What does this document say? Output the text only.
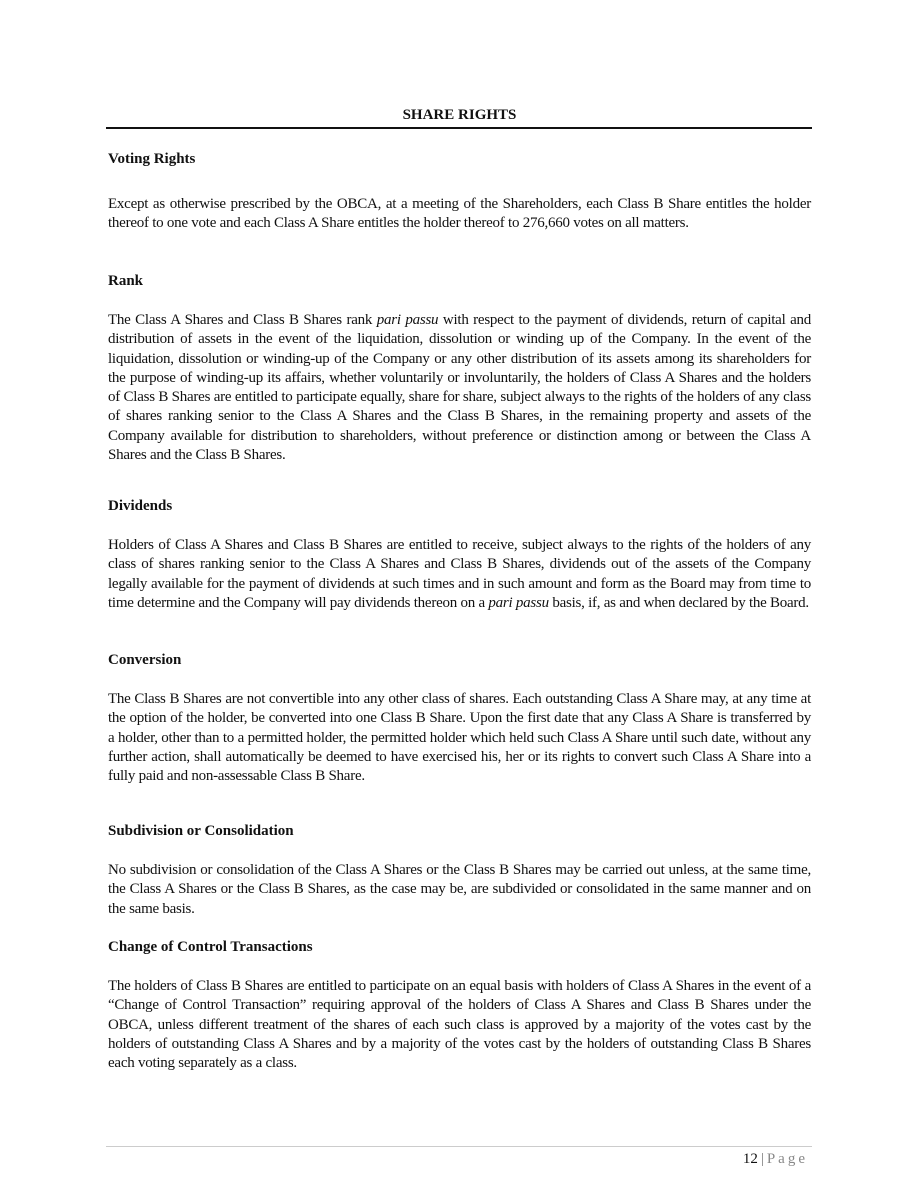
SHARE RIGHTS

Voting Rights

Except as otherwise prescribed by the OBCA, at a meeting of the Shareholders, each Class B Share entitles the holder thereof to one vote and each Class A Share entitles the holder thereof to 276,660 votes on all matters.

Rank

The Class A Shares and Class B Shares rank pari passu with respect to the payment of dividends, return of capital and distribution of assets in the event of the liquidation, dissolution or winding up of the Company. In the event of the liquidation, dissolution or winding-up of the Company or any other distribution of its assets among its shareholders for the purpose of winding-up its affairs, whether voluntarily or involuntarily, the holders of Class A Shares and the holders of Class B Shares are entitled to participate equally, share for share, subject always to the rights of the holders of any class of shares ranking senior to the Class A Shares and the Class B Shares, in the remaining property and assets of the Company available for distribution to shareholders, without preference or distinction among or between the Class A Shares and the Class B Shares.

Dividends

Holders of Class A Shares and Class B Shares are entitled to receive, subject always to the rights of the holders of any class of shares ranking senior to the Class A Shares and Class B Shares, dividends out of the assets of the Company legally available for the payment of dividends at such times and in such amount and form as the Board may from time to time determine and the Company will pay dividends thereon on a pari passu basis, if, as and when declared by the Board.

Conversion

The Class B Shares are not convertible into any other class of shares. Each outstanding Class A Share may, at any time at the option of the holder, be converted into one Class B Share. Upon the first date that any Class A Share is transferred by a holder, other than to a permitted holder, the permitted holder which held such Class A Share until such date, without any further action, shall automatically be deemed to have exercised his, her or its rights to convert such Class A Share into a fully paid and non-assessable Class B Share.

Subdivision or Consolidation

No subdivision or consolidation of the Class A Shares or the Class B Shares may be carried out unless, at the same time, the Class A Shares or the Class B Shares, as the case may be, are subdivided or consolidated in the same manner and on the same basis.

Change of Control Transactions

The holders of Class B Shares are entitled to participate on an equal basis with holders of Class A Shares in the event of a “Change of Control Transaction” requiring approval of the holders of Class A Shares and Class B Shares under the OBCA, unless different treatment of the shares of each such class is approved by a majority of the votes cast by the holders of outstanding Class A Shares and by a majority of the votes cast by the holders of outstanding Class B Shares each voting separately as a class.

12 | Page
